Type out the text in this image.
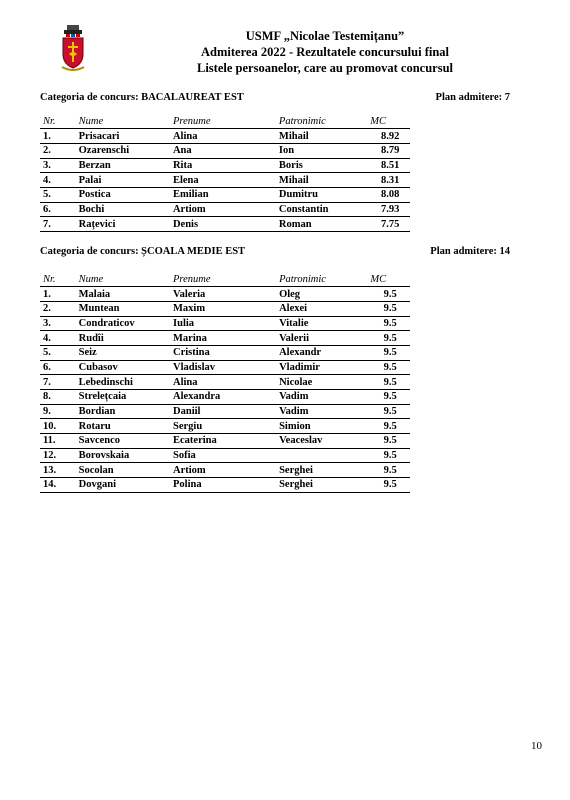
USMF „Nicolae Testemițanu”
Admiterea 2022 - Rezultatele concursului final
Listele persoanelor, care au promovat concursul
Categoria de concurs: BACALAUREAT EST	Plan admitere: 7
Nr.	Nume	Prenume	Patronimic	MC
1.	Prisacari	Alina	Mihail	8.92
2.	Ozarenschi	Ana	Ion	8.79
3.	Berzan	Rita	Boris	8.51
4.	Palai	Elena	Mihail	8.31
5.	Postica	Emilian	Dumitru	8.08
6.	Bochi	Artiom	Constantin	7.93
7.	Rațevici	Denis	Roman	7.75
Categoria de concurs: ȘCOALA MEDIE EST	Plan admitere: 14
Nr.	Nume	Prenume	Patronimic	MC
1.	Malaia	Valeria	Oleg	9.5
2.	Muntean	Maxim	Alexei	9.5
3.	Condraticov	Iulia	Vitalie	9.5
4.	Rudîi	Marina	Valerii	9.5
5.	Seiz	Cristina	Alexandr	9.5
6.	Cubasov	Vladislav	Vladimir	9.5
7.	Lebedinschi	Alina	Nicolae	9.5
8.	Strelețcaia	Alexandra	Vadim	9.5
9.	Bordian	Daniil	Vadim	9.5
10.	Rotaru	Sergiu	Simion	9.5
11.	Savcenco	Ecaterina	Veaceslav	9.5
12.	Borovskaia	Sofia		9.5
13.	Socolan	Artiom	Serghei	9.5
14.	Dovgani	Polina	Serghei	9.5
10
